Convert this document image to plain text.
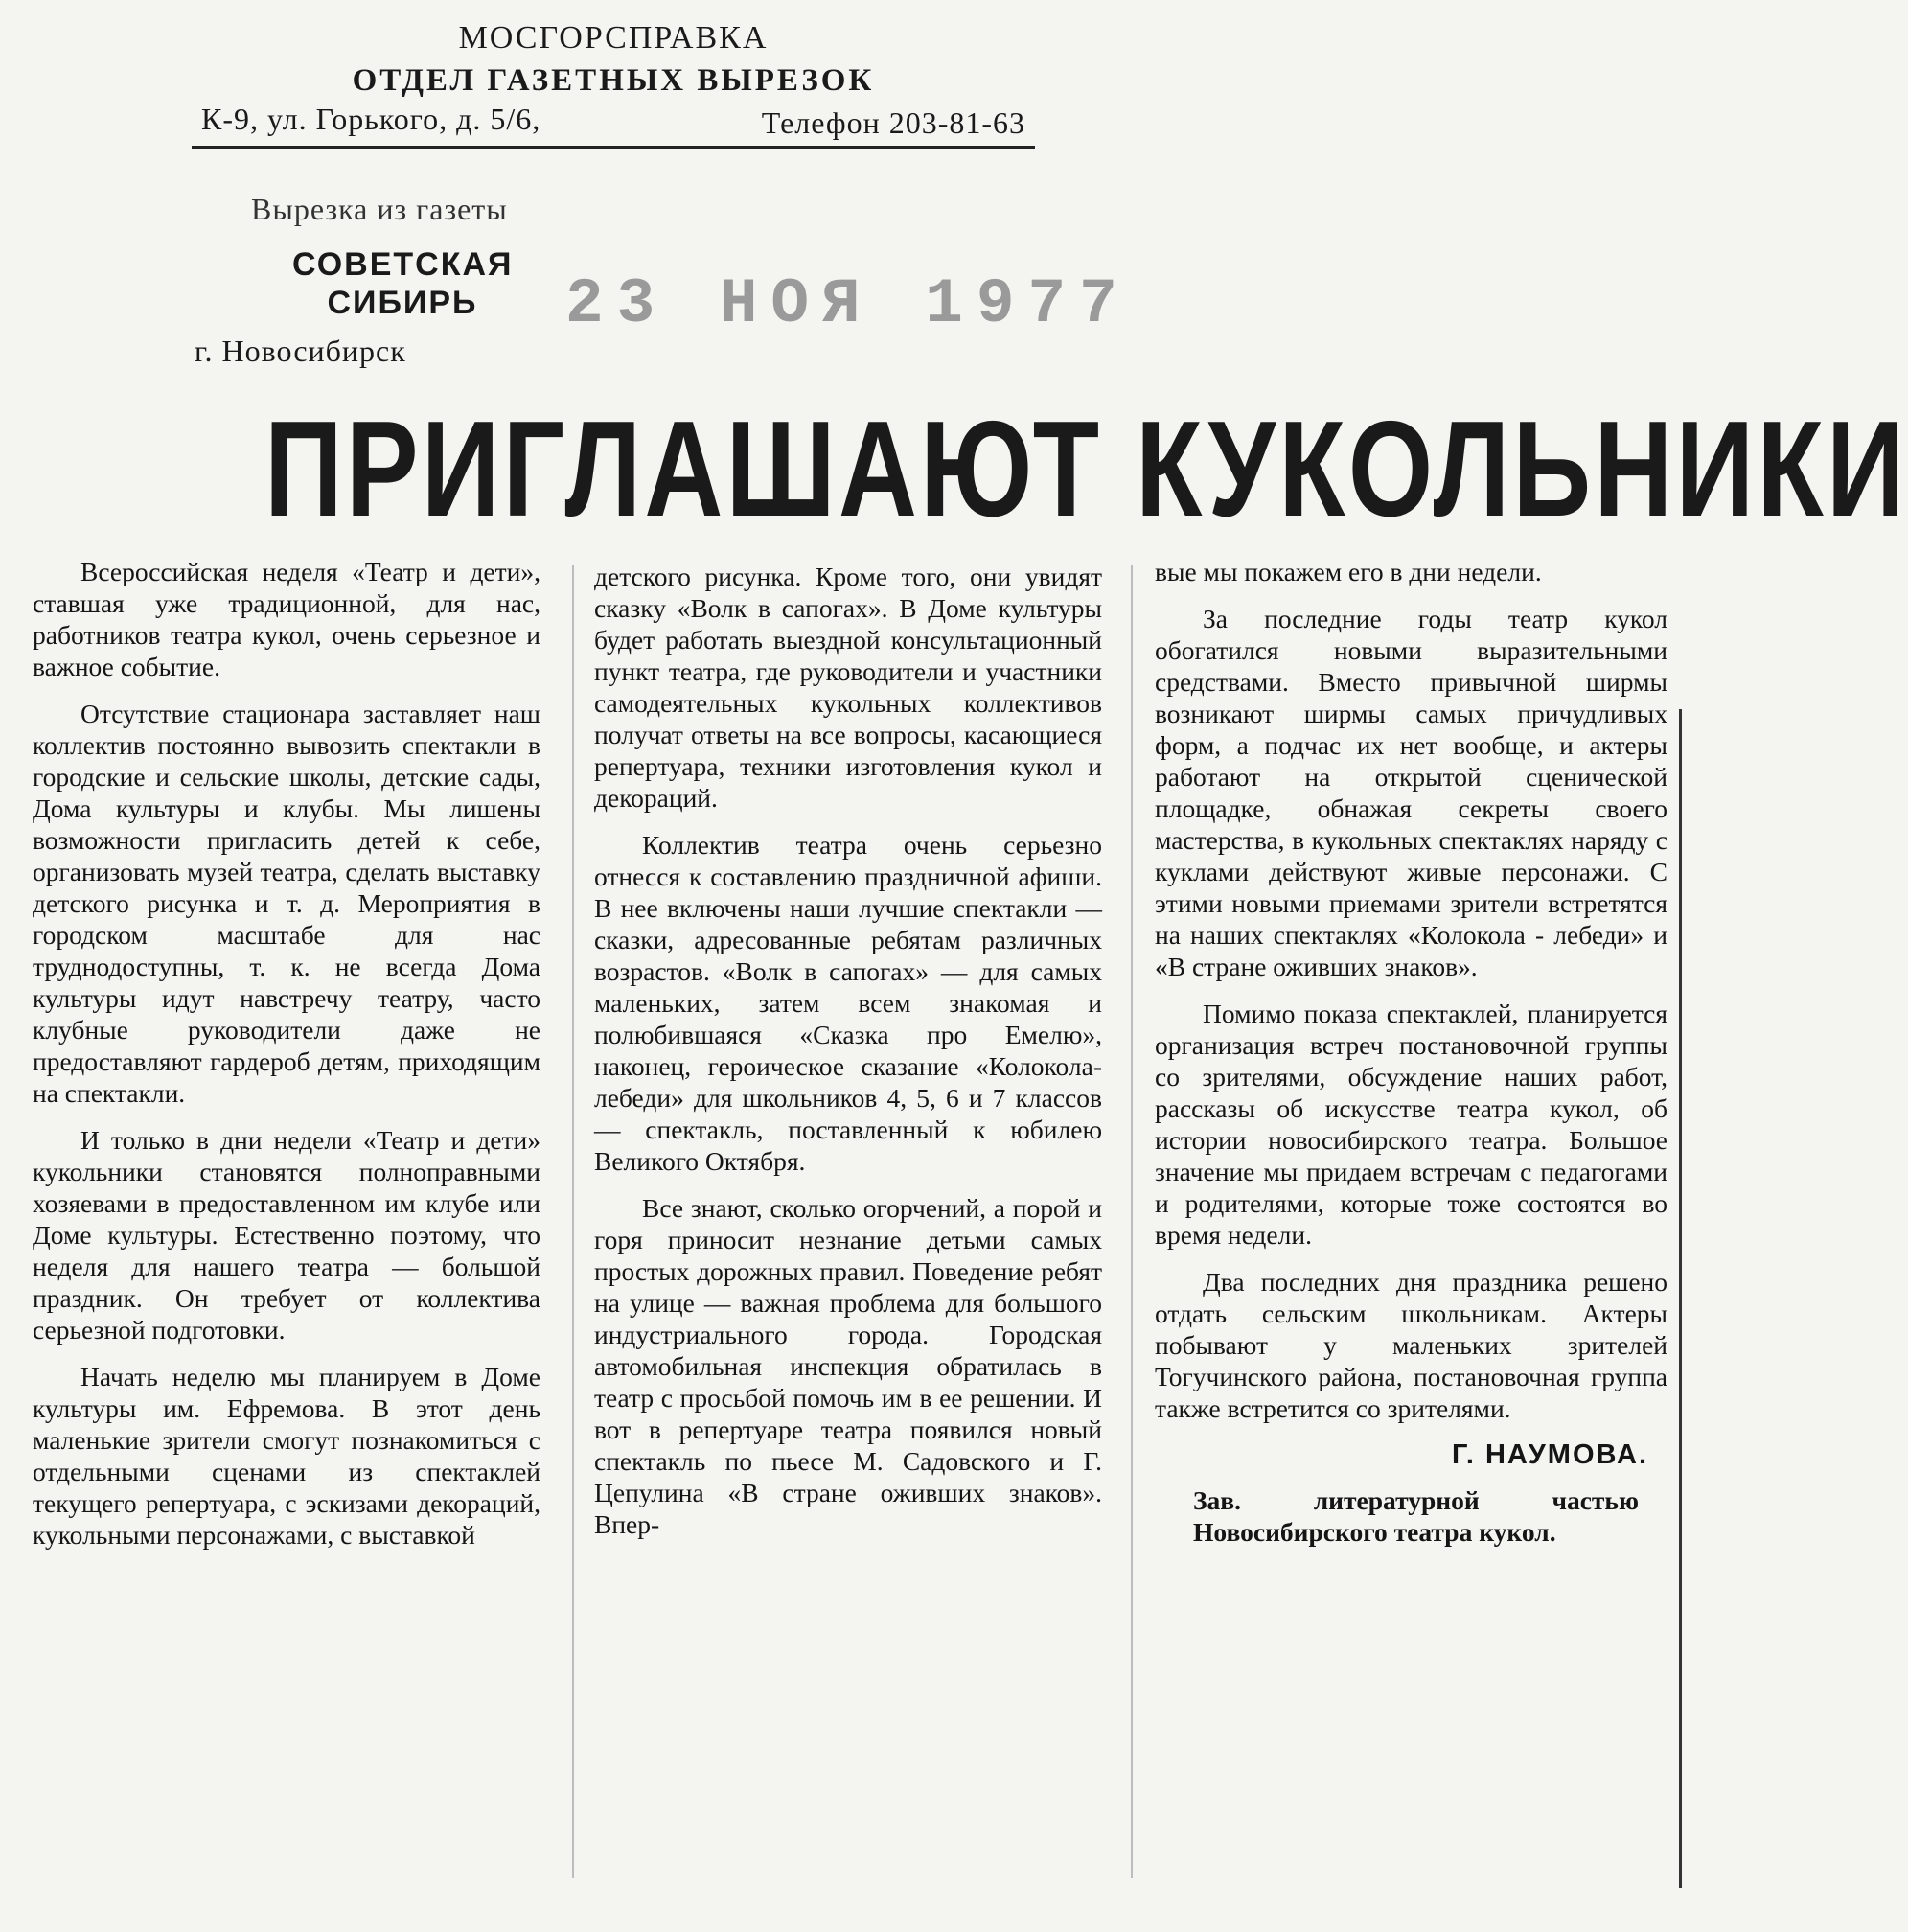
МОСГОРСПРАВКА
ОТДЕЛ ГАЗЕТНЫХ ВЫРЕЗОК
К-9, ул. Горького, д. 5/6,	Телефон 203-81-63
Вырезка из газеты
СОВЕТСКАЯ СИБИРЬ	23 НОЯ 1977
г. Новосибирск
ПРИГЛАШАЮТ КУКОЛЬНИКИ

Всероссийская неделя «Театр и дети», ставшая уже традиционной, для нас, работников театра кукол, очень серьезное и важное событие.

Отсутствие стационара заставляет наш коллектив постоянно вывозить спектакли в городские и сельские школы, детские сады, Дома культуры и клубы. Мы лишены возможности пригласить детей к себе, организовать музей театра, сделать выставку детского рисунка и т. д. Мероприятия в городском масштабе для нас труднодоступны, т. к. не всегда Дома культуры идут навстречу театру, часто клубные руководители даже не предоставляют гардероб детям, приходящим на спектакли.

И только в дни недели «Театр и дети» кукольники становятся полноправными хозяевами в предоставленном им клубе или Доме культуры. Естественно поэтому, что неделя для нашего театра — большой праздник. Он требует от коллектива серьезной подготовки.

Начать неделю мы планируем в Доме культуры им. Ефремова. В этот день маленькие зрители смогут познакомиться с отдельными сценами из спектаклей текущего репертуара, с эскизами декораций, кукольными персонажами, с выставкой

детского рисунка. Кроме того, они увидят сказку «Волк в сапогах». В Доме культуры будет работать выездной консультационный пункт театра, где руководители и участники самодеятельных кукольных коллективов получат ответы на все вопросы, касающиеся репертуара, техники изготовления кукол и декораций.

Коллектив театра очень серьезно отнесся к составлению праздничной афиши. В нее включены наши лучшие спектакли — сказки, адресованные ребятам различных возрастов. «Волк в сапогах» — для самых маленьких, затем всем знакомая и полюбившаяся «Сказка про Емелю», наконец, героическое сказание «Колокола-лебеди» для школьников 4, 5, 6 и 7 классов — спектакль, поставленный к юбилею Великого Октября.

Все знают, сколько огорчений, а порой и горя приносит незнание детьми самых простых дорожных правил. Поведение ребят на улице — важная проблема для большого индустриального города. Городская автомобильная инспекция обратилась в театр с просьбой помочь им в ее решении. И вот в репертуаре театра появился новый спектакль по пьесе М. Садовского и Г. Цепулина «В стране оживших знаков». Впер-

вые мы покажем его в дни недели.

За последние годы театр кукол обогатился новыми выразительными средствами. Вместо привычной ширмы возникают ширмы самых причудливых форм, а подчас их нет вообще, и актеры работают на открытой сценической площадке, обнажая секреты своего мастерства, в кукольных спектаклях наряду с куклами действуют живые персонажи. С этими новыми приемами зрители встретятся на наших спектаклях «Колокола - лебеди» и «В стране оживших знаков».

Помимо показа спектаклей, планируется организация встреч постановочной группы со зрителями, обсуждение наших работ, рассказы об искусстве театра кукол, об истории новосибирского театра. Большое значение мы придаем встречам с педагогами и родителями, которые тоже состоятся во время недели.

Два последних дня праздника решено отдать сельским школьникам. Актеры побывают у маленьких зрителей Тогучинского района, постановочная группа также встретится со зрителями.

Г. НАУМОВА.
Зав. литературной частью Новосибирского театра кукол.
